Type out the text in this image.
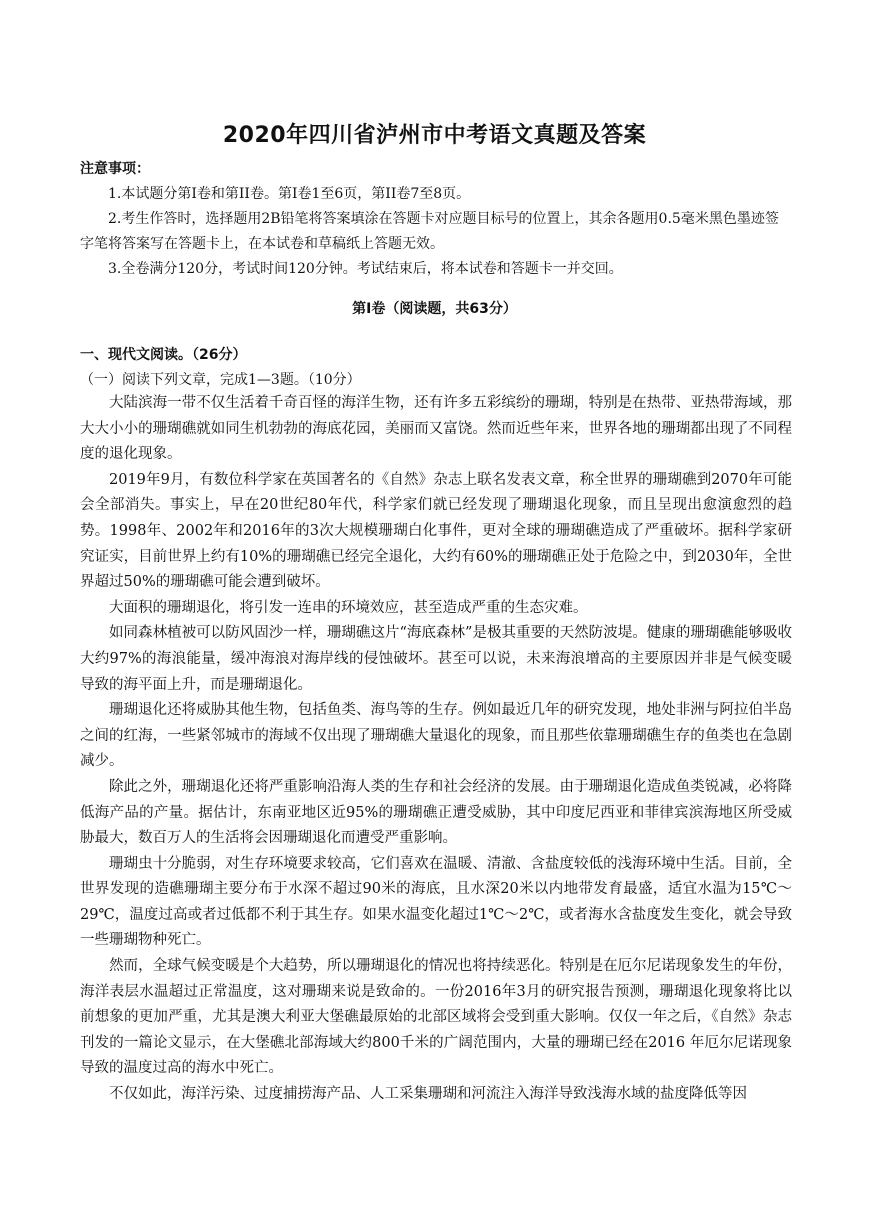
2020年四川省泸州市中考语文真题及答案
注意事项：

1.本试题分第Ⅰ卷和第II卷。第Ⅰ卷1至6页，第II卷7至8页。

2.考生作答时，选择题用2B铅笔将答案填涂在答题卡对应题目标号的位置上，其余各题用0.5毫米黑色墨迹签字笔将答案写在答题卡上，在本试卷和草稿纸上答题无效。

3.全卷满分120分，考试时间120分钟。考试结束后，将本试卷和答题卡一并交回。

第Ⅰ卷（阅读题，共63分）
一、现代文阅读。（26分）
（一）阅读下列文章，完成1—3题。（10分）

大陆滨海一带不仅生活着千奇百怪的海洋生物，还有许多五彩缤纷的珊瑚，特别是在热带、亚热带海域，那大大小小的珊瑚礁就如同生机勃勃的海底花园，美丽而又富饶。然而近些年来，世界各地的珊瑚都出现了不同程度的退化现象。

2019年9月，有数位科学家在英国著名的《自然》杂志上联名发表文章，称全世界的珊瑚礁到2070年可能会全部消失。事实上，早在20世纪80年代，科学家们就已经发现了珊瑚退化现象，而且呈现出愈演愈烈的趋势。1998年、2002年和2016年的3次大规模珊瑚白化事件，更对全球的珊瑚礁造成了严重破坏。据科学家研究证实，目前世界上约有10%的珊瑚礁已经完全退化，大约有60%的珊瑚礁正处于危险之中，到2030年，全世界超过50%的珊瑚礁可能会遭到破坏。

大面积的珊瑚退化，将引发一连串的环境效应，甚至造成严重的生态灾难。

如同森林植被可以防风固沙一样，珊瑚礁这片“海底森林”是极其重要的天然防波堤。健康的珊瑚礁能够吸收大约97%的海浪能量，缓冲海浪对海岸线的侵蚀破坏。甚至可以说，未来海浪增高的主要原因并非是气候变暖导致的海平面上升，而是珊瑚退化。

珊瑚退化还将威胁其他生物，包括鱼类、海鸟等的生存。例如最近几年的研究发现，地处非洲与阿拉伯半岛之间的红海，一些紧邻城市的海域不仅出现了珊瑚礁大量退化的现象，而且那些依靠珊瑚礁生存的鱼类也在急剧减少。

除此之外，珊瑚退化还将严重影响沿海人类的生存和社会经济的发展。由于珊瑚退化造成鱼类锐减，必将降低海产品的产量。据估计，东南亚地区近95%的珊瑚礁正遭受威胁，其中印度尼西亚和菲律宾滨海地区所受威胁最大，数百万人的生活将会因珊瑚退化而遭受严重影响。

珊瑚虫十分脆弱，对生存环境要求较高，它们喜欢在温暖、清澈、含盐度较低的浅海环境中生活。目前，全世界发现的造礁珊瑚主要分布于水深不超过90米的海底，且水深20米以内地带发育最盛，适宜水温为15℃～29℃，温度过高或者过低都不利于其生存。如果水温变化超过1℃～2℃，或者海水含盐度发生变化，就会导致一些珊瑚物种死亡。

然而，全球气候变暖是个大趋势，所以珊瑚退化的情况也将持续恶化。特别是在厄尔尼诺现象发生的年份，海洋表层水温超过正常温度，这对珊瑚来说是致命的。一份2016年3月的研究报告预测，珊瑚退化现象将比以前想象的更加严重，尤其是澳大利亚大堡礁最原始的北部区域将会受到重大影响。仅仅一年之后，《自然》杂志刊发的一篇论文显示，在大堡礁北部海域大约800千米的广阔范围内，大量的珊瑚已经在2016 年厄尔尼诺现象导致的温度过高的海水中死亡。

不仅如此，海洋污染、过度捕捞海产品、人工采集珊瑚和河流注入海洋导致浅海水域的盐度降低等因
